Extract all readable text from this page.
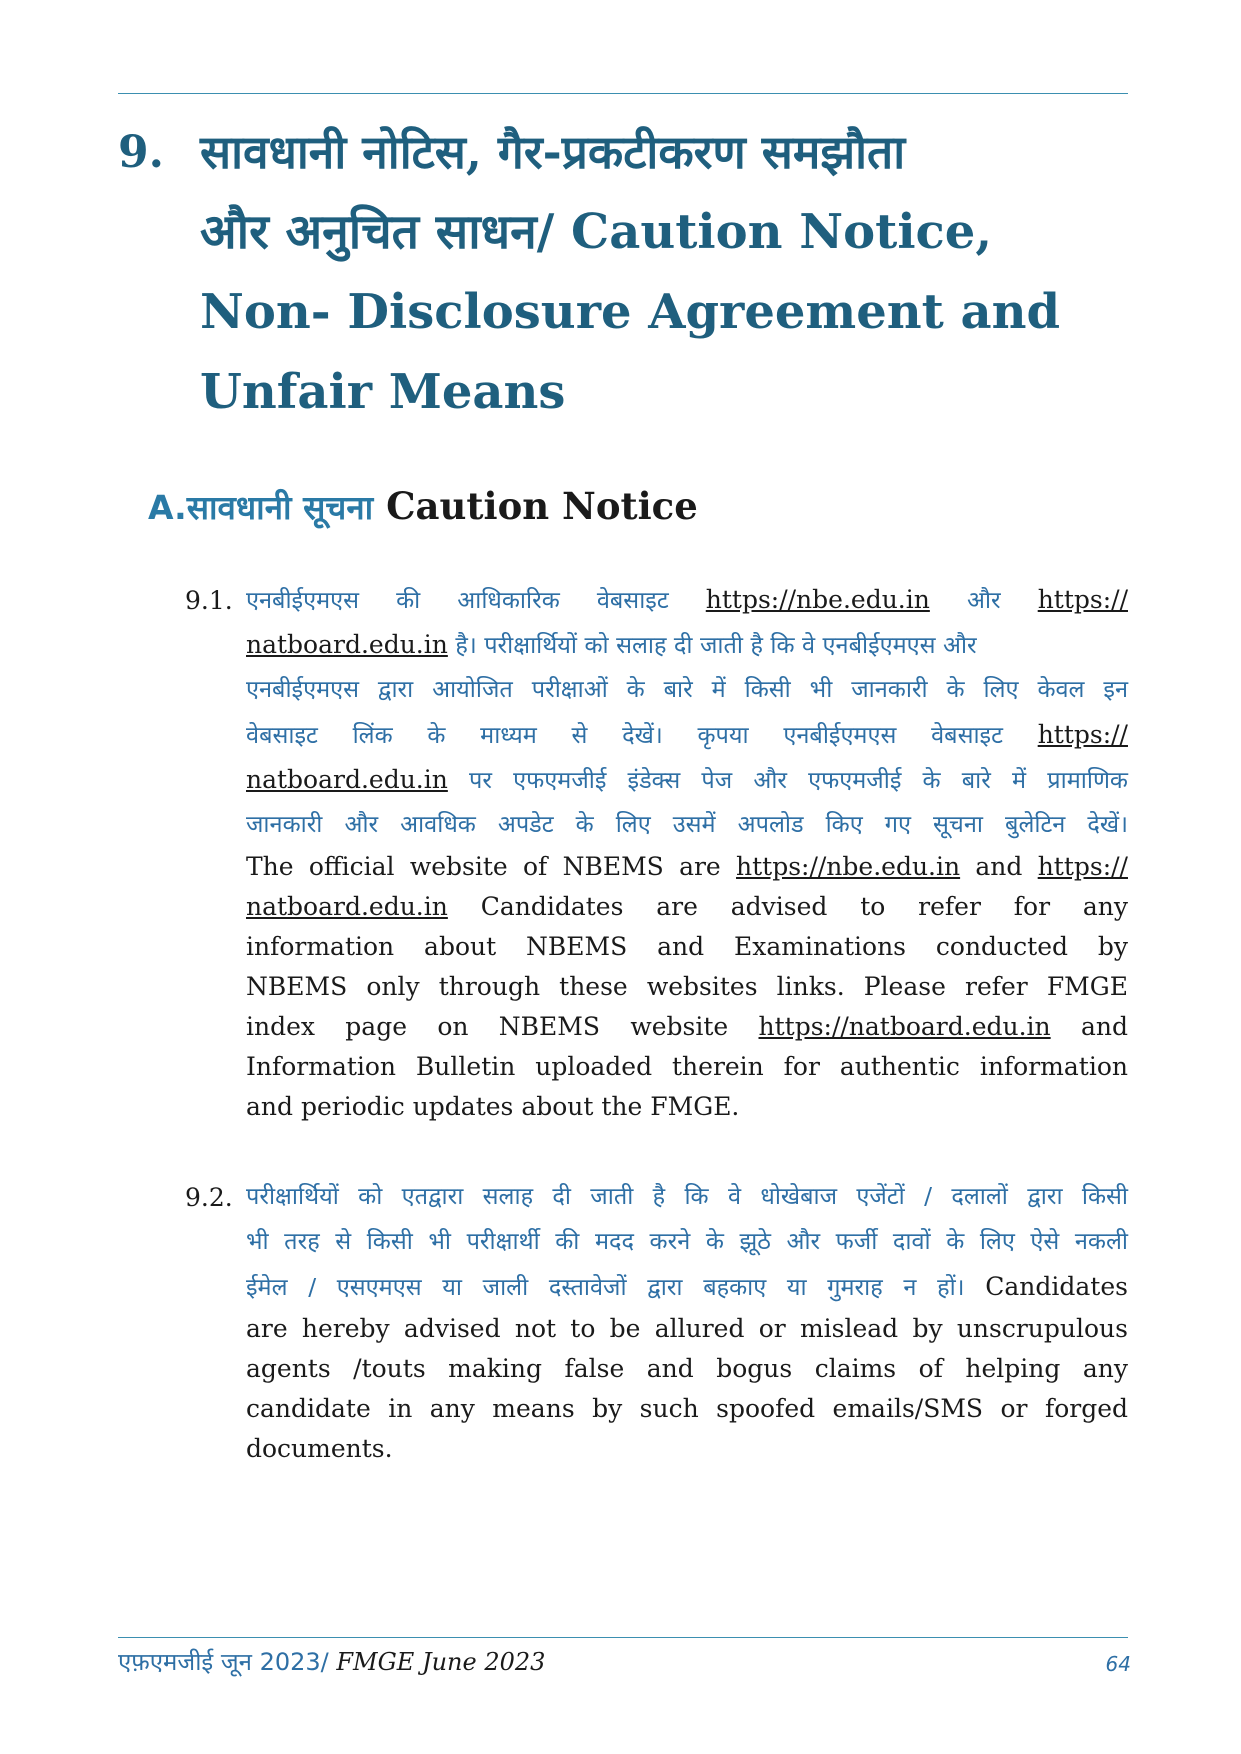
9. सावधानी नोटिस, गैर-प्रकटीकरण समझौता
और अनुचित साधन/ Caution Notice,
Non- Disclosure Agreement and
Unfair Means
A.सावधानी सूचना Caution Notice
9.1. एनबीईएमएस की आधिकारिक वेबसाइट https://nbe.edu.in और https://
natboard.edu.in है। परीक्षार्थियों को सलाह दी जाती है कि वे एनबीईएमएस और
एनबीईएमएस द्वारा आयोजित परीक्षाओं के बारे में किसी भी जानकारी के लिए केवल इन
वेबसाइट लिंक के माध्यम से देखें। कृपया एनबीईएमएस वेबसाइट https://
natboard.edu.in पर एफएमजीई इंडेक्स पेज और एफएमजीई के बारे में प्रामाणिक
जानकारी और आवधिक अपडेट के लिए उसमें अपलोड किए गए सूचना बुलेटिन देखें।
The official website of NBEMS are https://nbe.edu.in and https://
natboard.edu.in Candidates are advised to refer for any
information about NBEMS and Examinations conducted by
NBEMS only through these websites links. Please refer FMGE
index page on NBEMS website https://natboard.edu.in and
Information Bulletin uploaded therein for authentic information
and periodic updates about the FMGE.
9.2. परीक्षार्थियों को एतद्वारा सलाह दी जाती है कि वे धोखेबाज एजेंटों / दलालों द्वारा किसी
भी तरह से किसी भी परीक्षार्थी की मदद करने के झूठे और फर्जी दावों के लिए ऐसे नकली
ईमेल / एसएमएस या जाली दस्तावेजों द्वारा बहकाए या गुमराह न हों। Candidates
are hereby advised not to be allured or mislead by unscrupulous
agents /touts making false and bogus claims of helping any
candidate in any means by such spoofed emails/SMS or forged
documents.
एफ़एमजीई जून 2023/ FMGE June 2023	64
